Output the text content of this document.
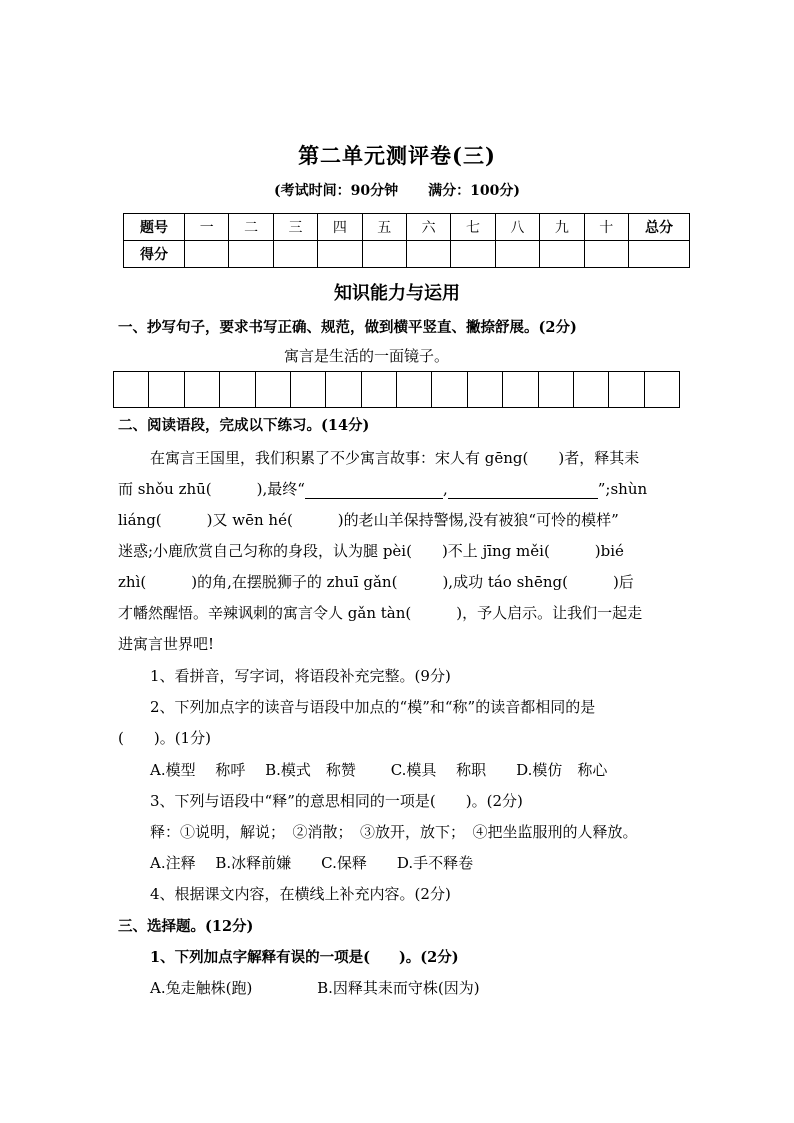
第二单元测评卷(三)
(考试时间：90分钟 满分：100分)
题号	一	二	三	四	五	六	七	八	九	十	总分
得分											
知识能力与运用
一、抄写句子，要求书写正确、规范，做到横平竖直、撇捺舒展。(2分)
寓言是生活的一面镜子。
二、阅读语段，完成以下练习。(14分)
在寓言王国里，我们积累了不少寓言故事：宋人有 gēng(　　)者，释其耒
而 shǒu zhū(　　　),最终“	,	”;shùn
liáng(　　　)又 wēn hé(　　　)的老山羊保持警惕,没有被狼“可怜的模样”
迷惑;小鹿欣赏自己匀称的身段，认为腿 pèi(　　)不上 jīng měi(　　　)bié
zhì(　　　)的角,在摆脱狮子的 zhuī gǎn(　　　),成功 táo shēng(　　　)后
才幡然醒悟。辛辣讽刺的寓言令人 gǎn tàn(　　　)，予人启示。让我们一起走
进寓言世界吧!
1、看拼音，写字词，将语段补充完整。(9分)
2、下列加点字的读音与语段中加点的“模”和“称”的读音都相同的是
(　　)。(1分)
A.模型　 称呼　 B.模式　称赞　　 C.模具　 称职　　D.模仿　称心
3、下列与语段中“释”的意思相同的一项是(　　)。(2分)
释：①说明，解说；　②消散；　③放开，放下；　④把坐监服刑的人释放。
A.注释　 B.冰释前嫌　　C.保释　　D.手不释卷
4、根据课文内容，在横线上补充内容。(2分)
三、选择题。(12分)
1、下列加点字解释有误的一项是(　　)。(2分)
A.兔走触株(跑)　　　　 B.因释其耒而守株(因为)
